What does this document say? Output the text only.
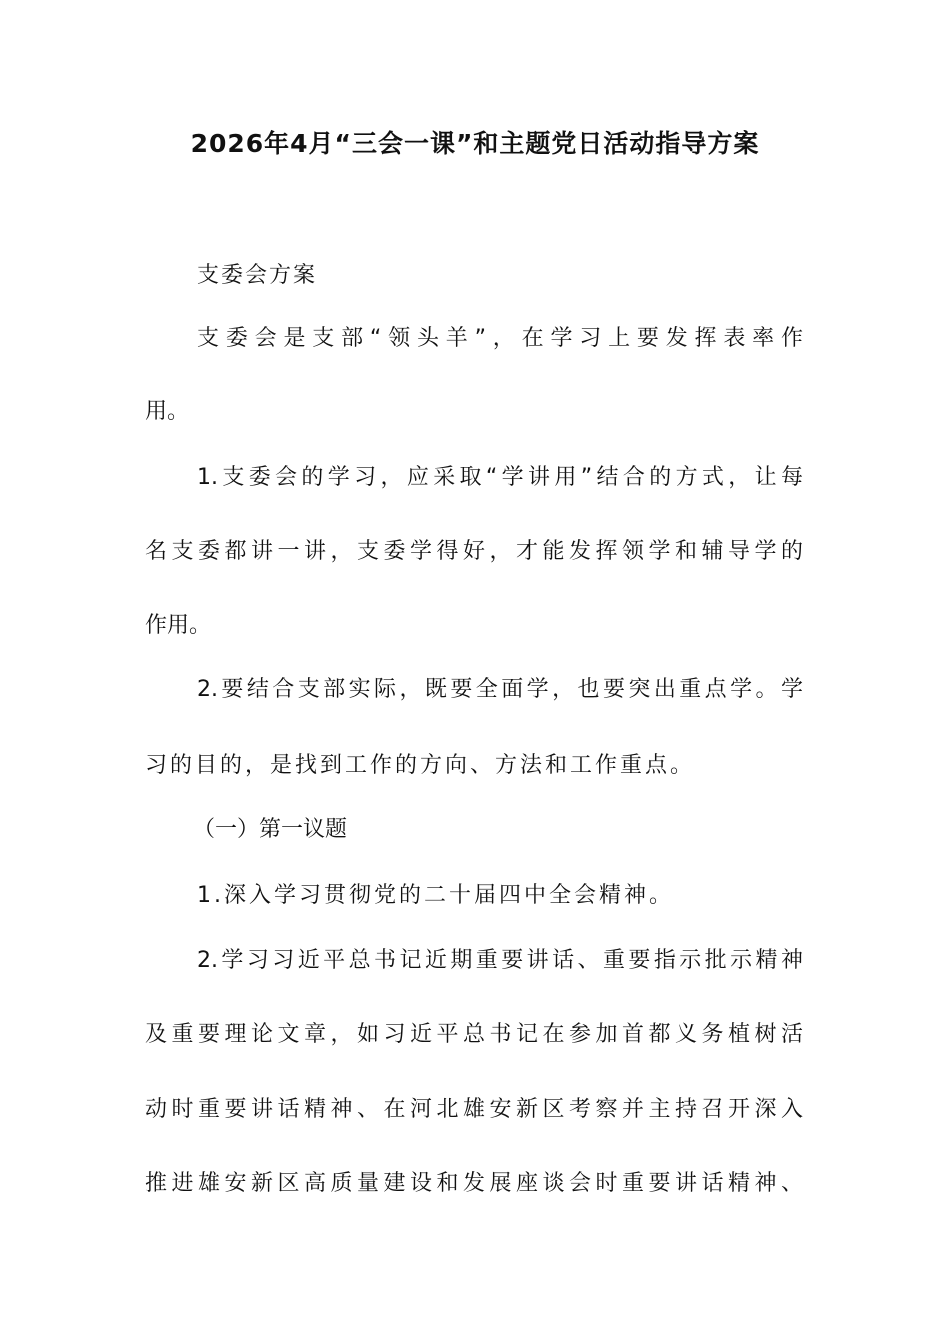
2026年4月“三会一课”和主题党日活动指导方案
支委会方案
支委会是支部“领头羊”，在学习上要发挥表率作
用。
1.支委会的学习，应采取“学讲用”结合的方式，让每
名支委都讲一讲，支委学得好，才能发挥领学和辅导学的
作用。
2.要结合支部实际，既要全面学，也要突出重点学。学
习的目的，是找到工作的方向、方法和工作重点。
（一）第一议题
1.深入学习贯彻党的二十届四中全会精神。
2.学习习近平总书记近期重要讲话、重要指示批示精神
及重要理论文章，如习近平总书记在参加首都义务植树活
动时重要讲话精神、在河北雄安新区考察并主持召开深入
推进雄安新区高质量建设和发展座谈会时重要讲话精神、
